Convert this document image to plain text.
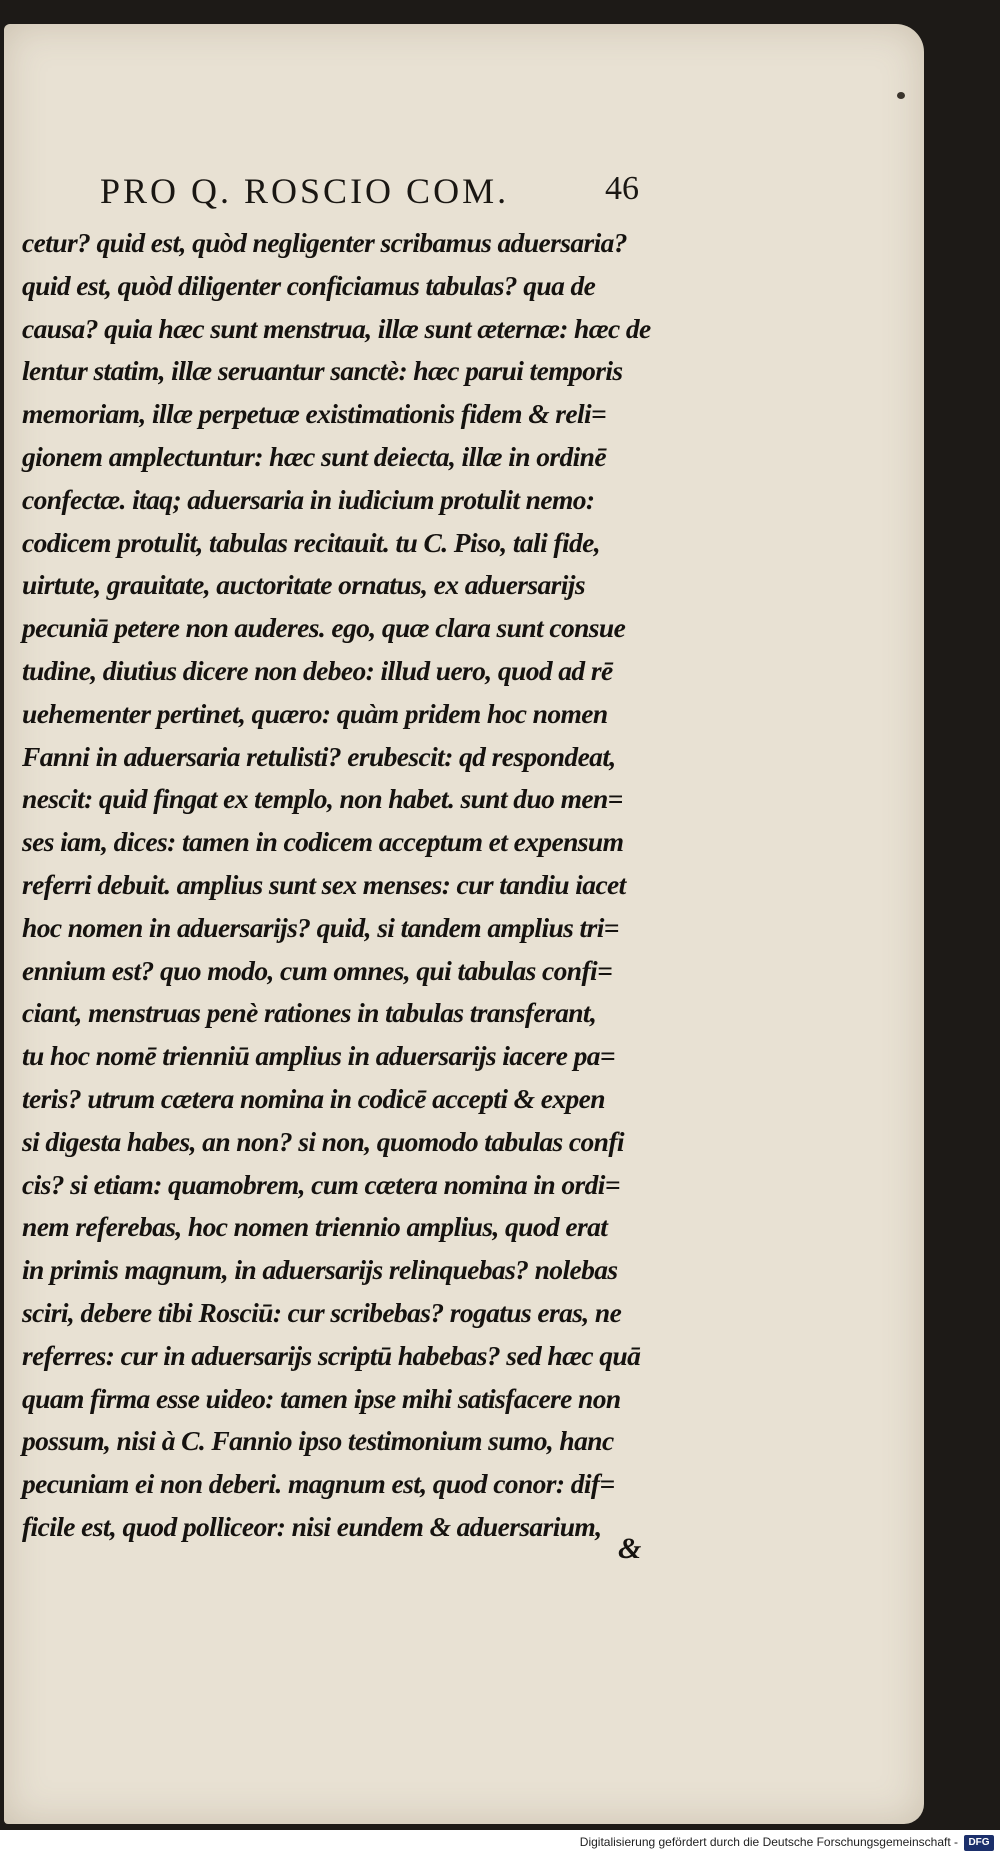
PRO Q. ROSCIO COM.	46
cetur? quid est, quòd negligenter scribamus aduersaria?
quid est, quòd diligenter conficiamus tabulas? qua de
causa? quia hæc sunt menstrua, illæ sunt æternæ: hæc de
lentur statim, illæ seruantur sanctè: hæc parui temporis
memoriam, illæ perpetuæ existimationis fidem & reli=
gionem amplectuntur: hæc sunt deiecta, illæ in ordinē
confectæ. itaq; aduersaria in iudicium protulit nemo:
codicem protulit, tabulas recitauit. tu C. Piso, tali fide,
uirtute, grauitate, auctoritate ornatus, ex aduersarijs
pecuniā petere non auderes. ego, quæ clara sunt consue
tudine, diutius dicere non debeo: illud uero, quod ad rē
uehementer pertinet, quæro: quàm pridem hoc nomen
Fanni in aduersaria retulisti? erubescit: qd respondeat,
nescit: quid fingat ex templo, non habet. sunt duo men=
ses iam, dices: tamen in codicem acceptum et expensum
referri debuit. amplius sunt sex menses: cur tandiu iacet
hoc nomen in aduersarijs? quid, si tandem amplius tri=
ennium est? quo modo, cum omnes, qui tabulas confi=
ciant, menstruas penè rationes in tabulas transferant,
tu hoc nomē trienniū amplius in aduersarijs iacere pa=
teris? utrum cætera nomina in codicē accepti & expen
si digesta habes, an non? si non, quomodo tabulas confi
cis? si etiam: quamobrem, cum cætera nomina in ordi=
nem referebas, hoc nomen triennio amplius, quod erat
in primis magnum, in aduersarijs relinquebas? nolebas
sciri, debere tibi Rosciū: cur scribebas? rogatus eras, ne
referres: cur in aduersarijs scriptū habebas? sed hæc quā
quam firma esse uideo: tamen ipse mihi satisfacere non
possum, nisi à C. Fannio ipso testimonium sumo, hanc
pecuniam ei non deberi. magnum est, quod conor: dif=
ficile est, quod polliceor: nisi eundem & aduersarium,
&
Digitalisierung gefördert durch die Deutsche Forschungsgemeinschaft -	DFG
